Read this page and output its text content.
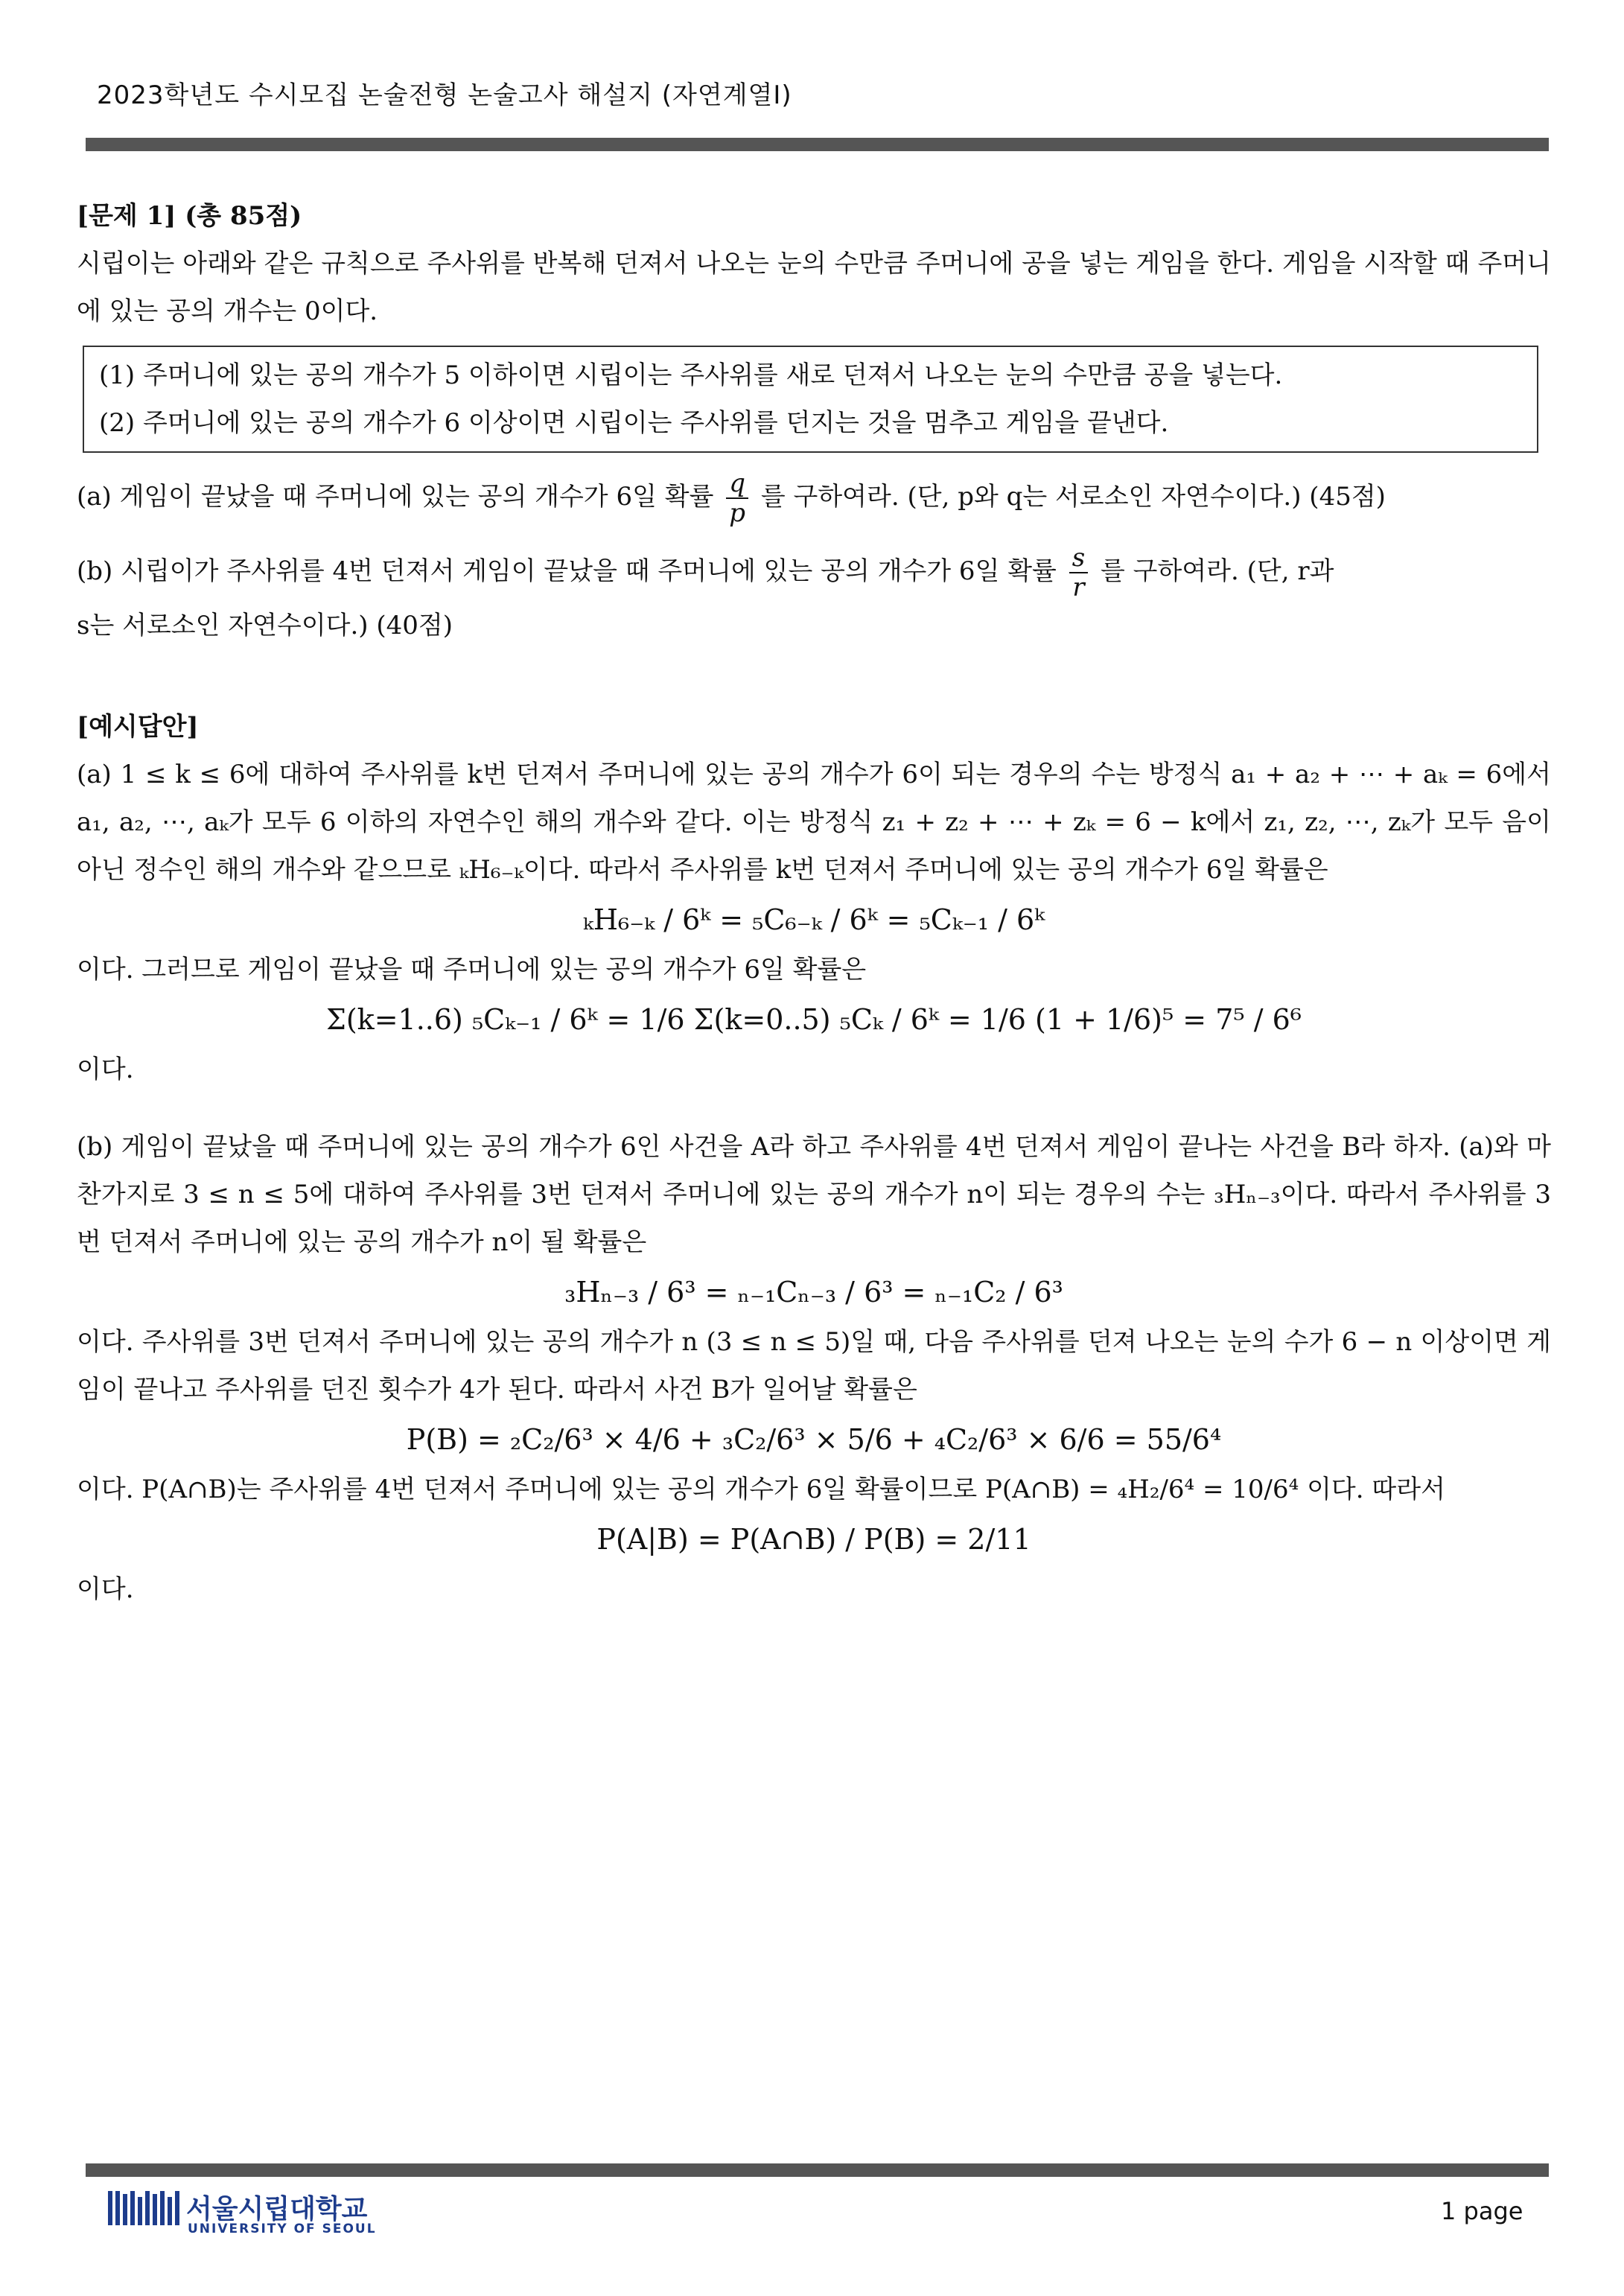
2023학년도 수시모집 논술전형 논술고사 해설지 (자연계열Ⅰ)
[문제 1] (총 85점)

시립이는 아래와 같은 규칙으로 주사위를 반복해 던져서 나오는 눈의 수만큼 주머니에 공을 넣는 게임을 한다. 게임을 시작할 때 주머니에 있는 공의 개수는 0이다.

(1) 주머니에 있는 공의 개수가 5 이하이면 시립이는 주사위를 새로 던져서 나오는 눈의 수만큼 공을 넣는다.
(2) 주머니에 있는 공의 개수가 6 이상이면 시립이는 주사위를 던지는 것을 멈추고 게임을 끝낸다.

(a) 게임이 끝났을 때 주머니에 있는 공의 개수가 6일 확률 $\frac{q}{p}$ 를 구하여라. (단, p와 q는 서로소인 자연수이다.) (45점)

(b) 시립이가 주사위를 4번 던져서 게임이 끝났을 때 주머니에 있는 공의 개수가 6일 확률 $\frac{s}{r}$ 를 구하여라. (단, r과

s는 서로소인 자연수이다.) (40점)

[예시답안]

(a) 1 ≤ k ≤ 6에 대하여 주사위를 k번 던져서 주머니에 있는 공의 개수가 6이 되는 경우의 수는 방정식 a₁ + a₂ + ⋯ + aₖ = 6에서 a₁, a₂, ⋯, aₖ가 모두 6 이하의 자연수인 해의 개수와 같다. 이는 방정식 z₁ + z₂ + ⋯ + zₖ = 6 − k에서 z₁, z₂, ⋯, zₖ가 모두 음이 아닌 정수인 해의 개수와 같으므로 ₖH₆₋ₖ이다. 따라서 주사위를 k번 던져서 주머니에 있는 공의 개수가 6일 확률은

ₖH₆₋ₖ / 6ᵏ = ₅C₆₋ₖ / 6ᵏ = ₅Cₖ₋₁ / 6ᵏ

이다. 그러므로 게임이 끝났을 때 주머니에 있는 공의 개수가 6일 확률은

Σ(k=1..6) ₅Cₖ₋₁ / 6ᵏ = 1/6 Σ(k=0..5) ₅Cₖ / 6ᵏ = 1/6 (1 + 1/6)⁵ = 7⁵ / 6⁶

이다.

(b) 게임이 끝났을 때 주머니에 있는 공의 개수가 6인 사건을 A라 하고 주사위를 4번 던져서 게임이 끝나는 사건을 B라 하자. (a)와 마찬가지로 3 ≤ n ≤ 5에 대하여 주사위를 3번 던져서 주머니에 있는 공의 개수가 n이 되는 경우의 수는 ₃Hₙ₋₃이다. 따라서 주사위를 3번 던져서 주머니에 있는 공의 개수가 n이 될 확률은

₃Hₙ₋₃ / 6³ = ₙ₋₁Cₙ₋₃ / 6³ = ₙ₋₁C₂ / 6³

이다. 주사위를 3번 던져서 주머니에 있는 공의 개수가 n (3 ≤ n ≤ 5)일 때, 다음 주사위를 던져 나오는 눈의 수가 6 − n 이상이면 게임이 끝나고 주사위를 던진 횟수가 4가 된다. 따라서 사건 B가 일어날 확률은

P(B) = ₂C₂/6³ × 4/6 + ₃C₂/6³ × 5/6 + ₄C₂/6³ × 6/6 = 55/6⁴

이다. P(A∩B)는 주사위를 4번 던져서 주머니에 있는 공의 개수가 6일 확률이므로 P(A∩B) = ₄H₂/6⁴ = 10/6⁴ 이다. 따라서

P(A|B) = P(A∩B) / P(B) = 2/11

이다.

서울시립대학교
UNIVERSITY OF SEOUL
1 page
